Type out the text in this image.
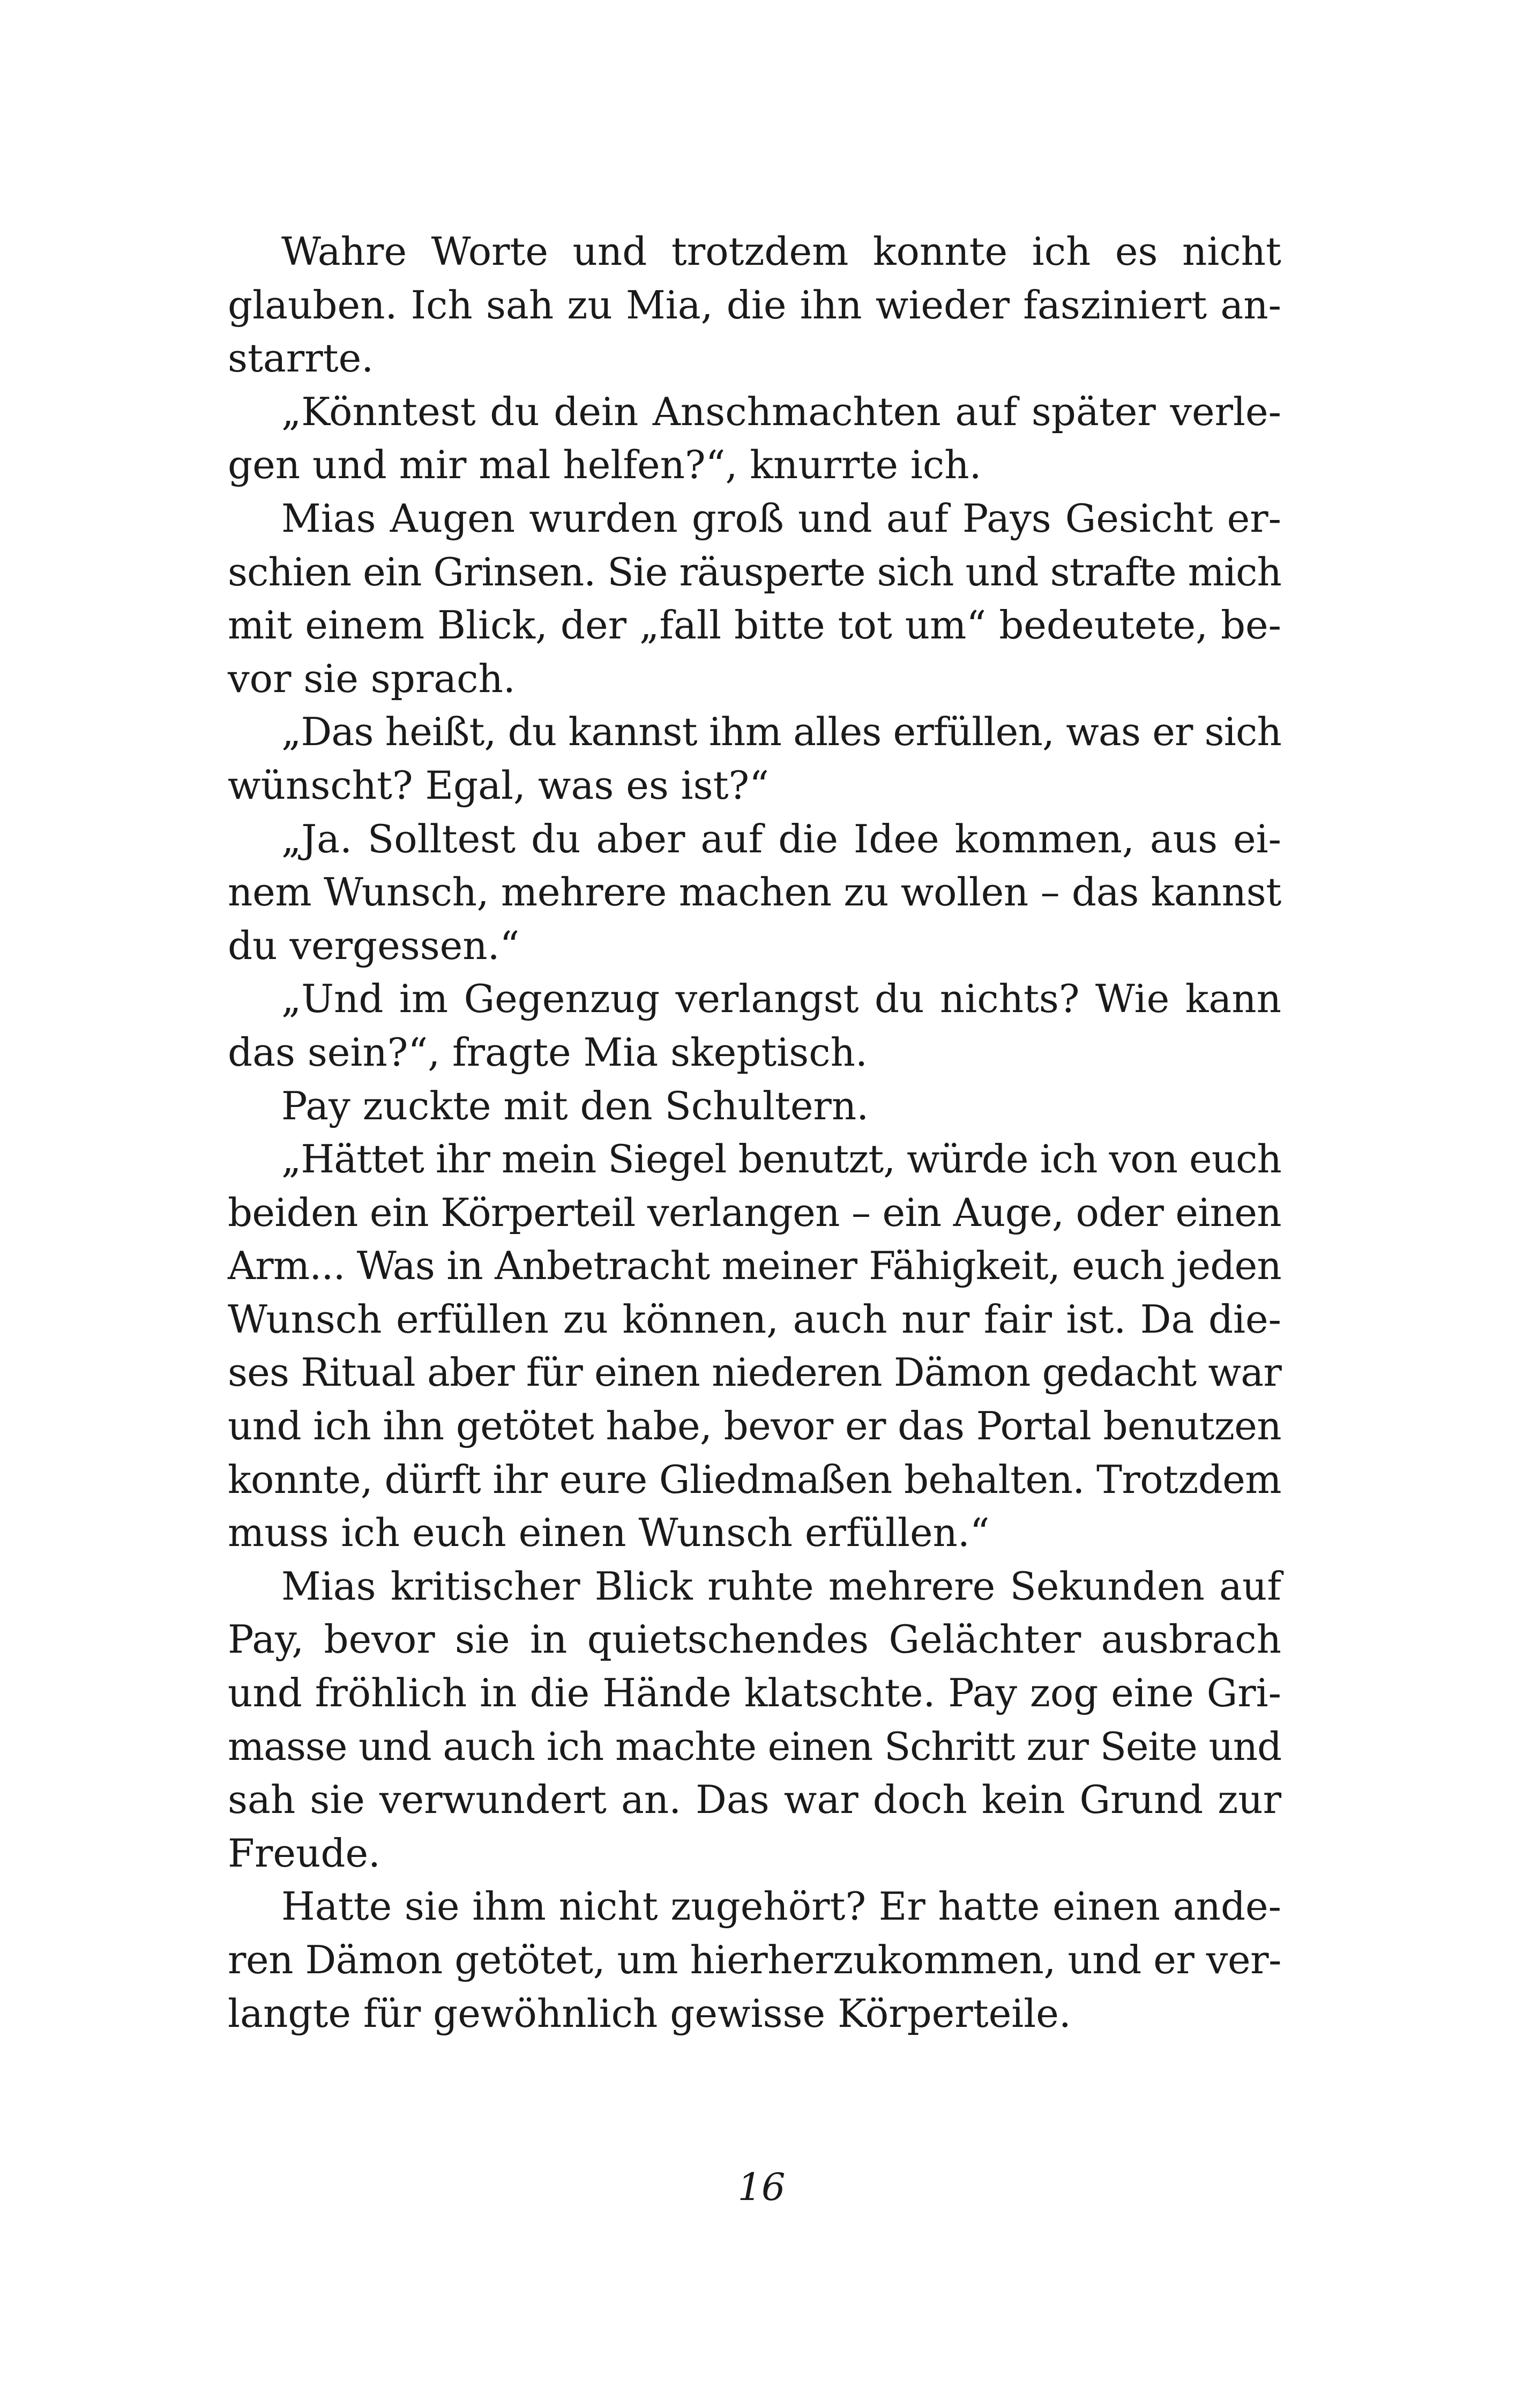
Wahre Worte und trotzdem konnte ich es nicht
glauben. Ich sah zu Mia, die ihn wieder fasziniert an-
starrte.
„Könntest du dein Anschmachten auf später verle-
gen und mir mal helfen?“, knurrte ich.
Mias Augen wurden groß und auf Pays Gesicht er-
schien ein Grinsen. Sie räusperte sich und strafte mich
mit einem Blick, der „fall bitte tot um“ bedeutete, be-
vor sie sprach.
„Das heißt, du kannst ihm alles erfüllen, was er sich
wünscht? Egal, was es ist?“
„Ja. Solltest du aber auf die Idee kommen, aus ei-
nem Wunsch, mehrere machen zu wollen – das kannst
du vergessen.“
„Und im Gegenzug verlangst du nichts? Wie kann
das sein?“, fragte Mia skeptisch.
Pay zuckte mit den Schultern.
„Hättet ihr mein Siegel benutzt, würde ich von euch
beiden ein Körperteil verlangen – ein Auge, oder einen
Arm... Was in Anbetracht meiner Fähigkeit, euch jeden
Wunsch erfüllen zu können, auch nur fair ist. Da die-
ses Ritual aber für einen niederen Dämon gedacht war
und ich ihn getötet habe, bevor er das Portal benutzen
konnte, dürft ihr eure Gliedmaßen behalten. Trotzdem
muss ich euch einen Wunsch erfüllen.“
Mias kritischer Blick ruhte mehrere Sekunden auf
Pay, bevor sie in quietschendes Gelächter ausbrach
und fröhlich in die Hände klatschte. Pay zog eine Gri-
masse und auch ich machte einen Schritt zur Seite und
sah sie verwundert an. Das war doch kein Grund zur
Freude.
Hatte sie ihm nicht zugehört? Er hatte einen ande-
ren Dämon getötet, um hierherzukommen, und er ver-
langte für gewöhnlich gewisse Körperteile.
16
